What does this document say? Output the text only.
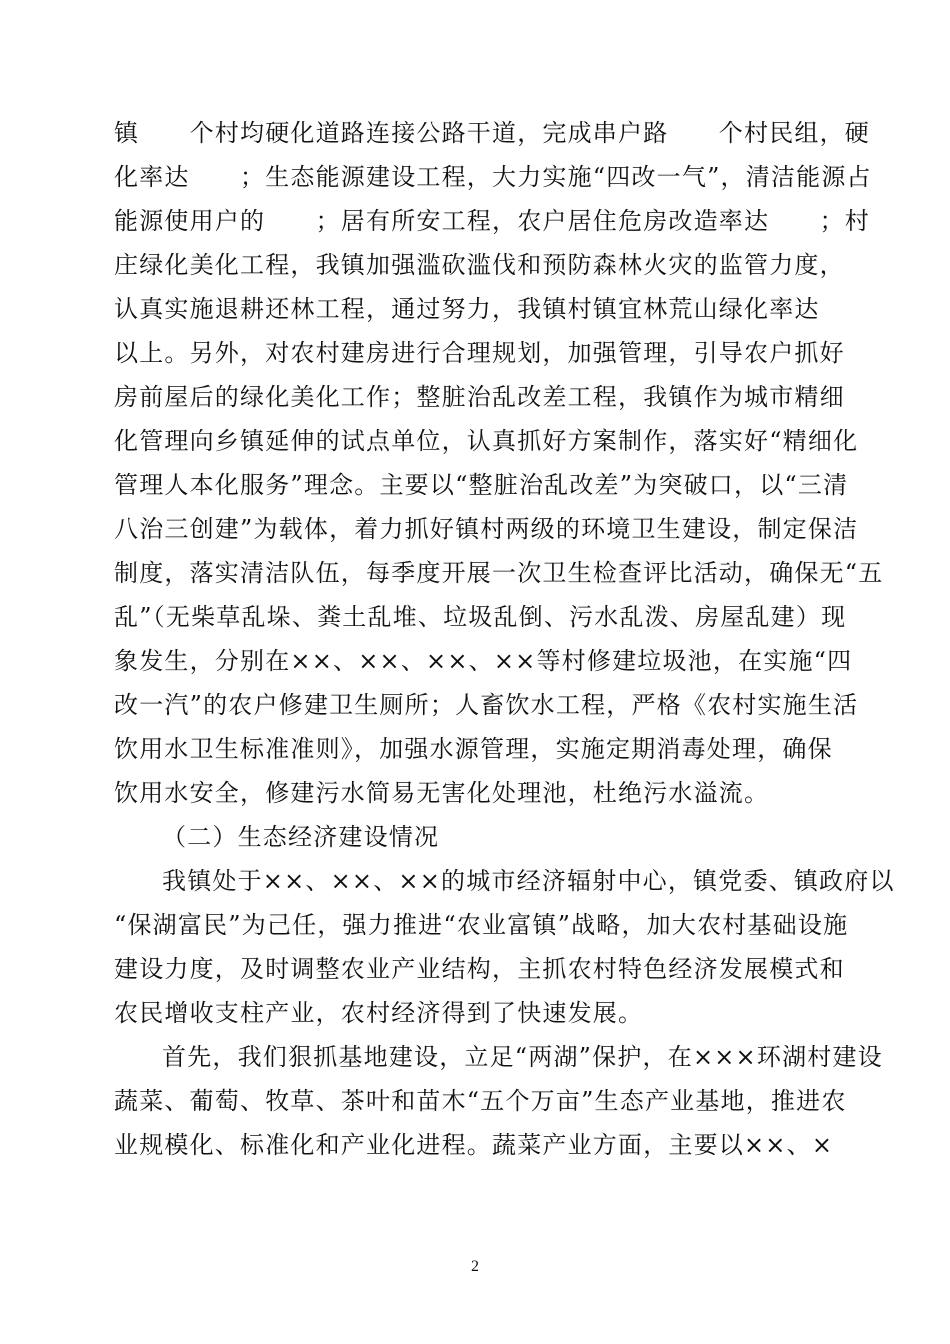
镇　　个村均硬化道路连接公路干道，完成串户路　　个村民组，硬
化率达　　；生态能源建设工程，大力实施“四改一气”，清洁能源占
能源使用户的　　；居有所安工程，农户居住危房改造率达　　；村
庄绿化美化工程，我镇加强滥砍滥伐和预防森林火灾的监管力度，
认真实施退耕还林工程，通过努力，我镇村镇宜林荒山绿化率达
以上。另外，对农村建房进行合理规划，加强管理，引导农户抓好
房前屋后的绿化美化工作；整脏治乱改差工程，我镇作为城市精细
化管理向乡镇延伸的试点单位，认真抓好方案制作，落实好“精细化
管理人本化服务”理念。主要以“整脏治乱改差”为突破口，以“三清
八治三创建”为载体，着力抓好镇村两级的环境卫生建设，制定保洁
制度，落实清洁队伍，每季度开展一次卫生检查评比活动，确保无“五
乱”（无柴草乱垛、粪土乱堆、垃圾乱倒、污水乱泼、房屋乱建）现
象发生，分别在××、××、××、××等村修建垃圾池，在实施“四
改一汽”的农户修建卫生厕所；人畜饮水工程，严格《农村实施生活
饮用水卫生标准准则》，加强水源管理，实施定期消毒处理，确保
饮用水安全，修建污水简易无害化处理池，杜绝污水溢流。
（二）生态经济建设情况
我镇处于××、××、××的城市经济辐射中心，镇党委、镇政府以
“保湖富民”为己任，强力推进“农业富镇”战略，加大农村基础设施
建设力度，及时调整农业产业结构，主抓农村特色经济发展模式和
农民增收支柱产业，农村经济得到了快速发展。
首先，我们狠抓基地建设，立足“两湖”保护，在×××环湖村建设
蔬菜、葡萄、牧草、茶叶和苗木“五个万亩”生态产业基地，推进农
业规模化、标准化和产业化进程。蔬菜产业方面，主要以××、×
2
